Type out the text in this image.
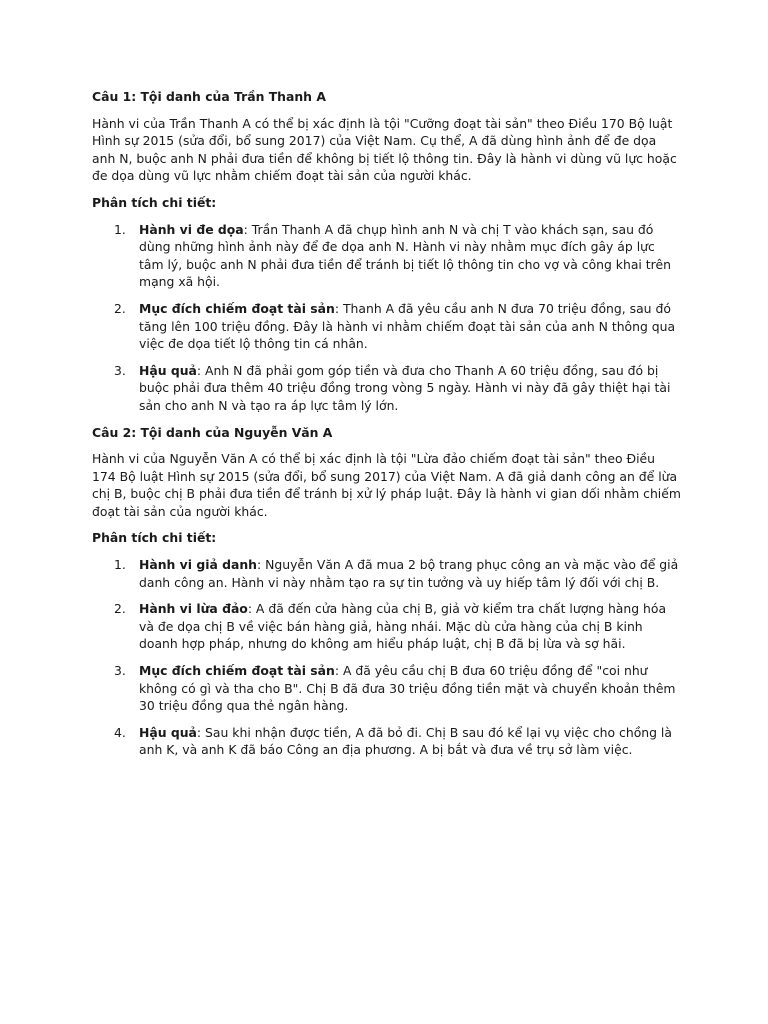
Câu 1: Tội danh của Trần Thanh A

Hành vi của Trần Thanh A có thể bị xác định là tội "Cưỡng đoạt tài sản" theo Điều 170 Bộ luật Hình sự 2015 (sửa đổi, bổ sung 2017) của Việt Nam. Cụ thể, A đã dùng hình ảnh để đe dọa anh N, buộc anh N phải đưa tiền để không bị tiết lộ thông tin. Đây là hành vi dùng vũ lực hoặc đe dọa dùng vũ lực nhằm chiếm đoạt tài sản của người khác.

Phân tích chi tiết:

1. Hành vi đe dọa: Trần Thanh A đã chụp hình anh N và chị T vào khách sạn, sau đó dùng những hình ảnh này để đe dọa anh N. Hành vi này nhằm mục đích gây áp lực tâm lý, buộc anh N phải đưa tiền để tránh bị tiết lộ thông tin cho vợ và công khai trên mạng xã hội.
2. Mục đích chiếm đoạt tài sản: Thanh A đã yêu cầu anh N đưa 70 triệu đồng, sau đó tăng lên 100 triệu đồng. Đây là hành vi nhằm chiếm đoạt tài sản của anh N thông qua việc đe dọa tiết lộ thông tin cá nhân.
3. Hậu quả: Anh N đã phải gom góp tiền và đưa cho Thanh A 60 triệu đồng, sau đó bị buộc phải đưa thêm 40 triệu đồng trong vòng 5 ngày. Hành vi này đã gây thiệt hại tài sản cho anh N và tạo ra áp lực tâm lý lớn.

Câu 2: Tội danh của Nguyễn Văn A

Hành vi của Nguyễn Văn A có thể bị xác định là tội "Lừa đảo chiếm đoạt tài sản" theo Điều 174 Bộ luật Hình sự 2015 (sửa đổi, bổ sung 2017) của Việt Nam. A đã giả danh công an để lừa chị B, buộc chị B phải đưa tiền để tránh bị xử lý pháp luật. Đây là hành vi gian dối nhằm chiếm đoạt tài sản của người khác.

Phân tích chi tiết:

1. Hành vi giả danh: Nguyễn Văn A đã mua 2 bộ trang phục công an và mặc vào để giả danh công an. Hành vi này nhằm tạo ra sự tin tưởng và uy hiếp tâm lý đối với chị B.
2. Hành vi lừa đảo: A đã đến cửa hàng của chị B, giả vờ kiểm tra chất lượng hàng hóa và đe dọa chị B về việc bán hàng giả, hàng nhái. Mặc dù cửa hàng của chị B kinh doanh hợp pháp, nhưng do không am hiểu pháp luật, chị B đã bị lừa và sợ hãi.
3. Mục đích chiếm đoạt tài sản: A đã yêu cầu chị B đưa 60 triệu đồng để "coi như không có gì và tha cho B". Chị B đã đưa 30 triệu đồng tiền mặt và chuyển khoản thêm 30 triệu đồng qua thẻ ngân hàng.
4. Hậu quả: Sau khi nhận được tiền, A đã bỏ đi. Chị B sau đó kể lại vụ việc cho chồng là anh K, và anh K đã báo Công an địa phương. A bị bắt và đưa về trụ sở làm việc.
